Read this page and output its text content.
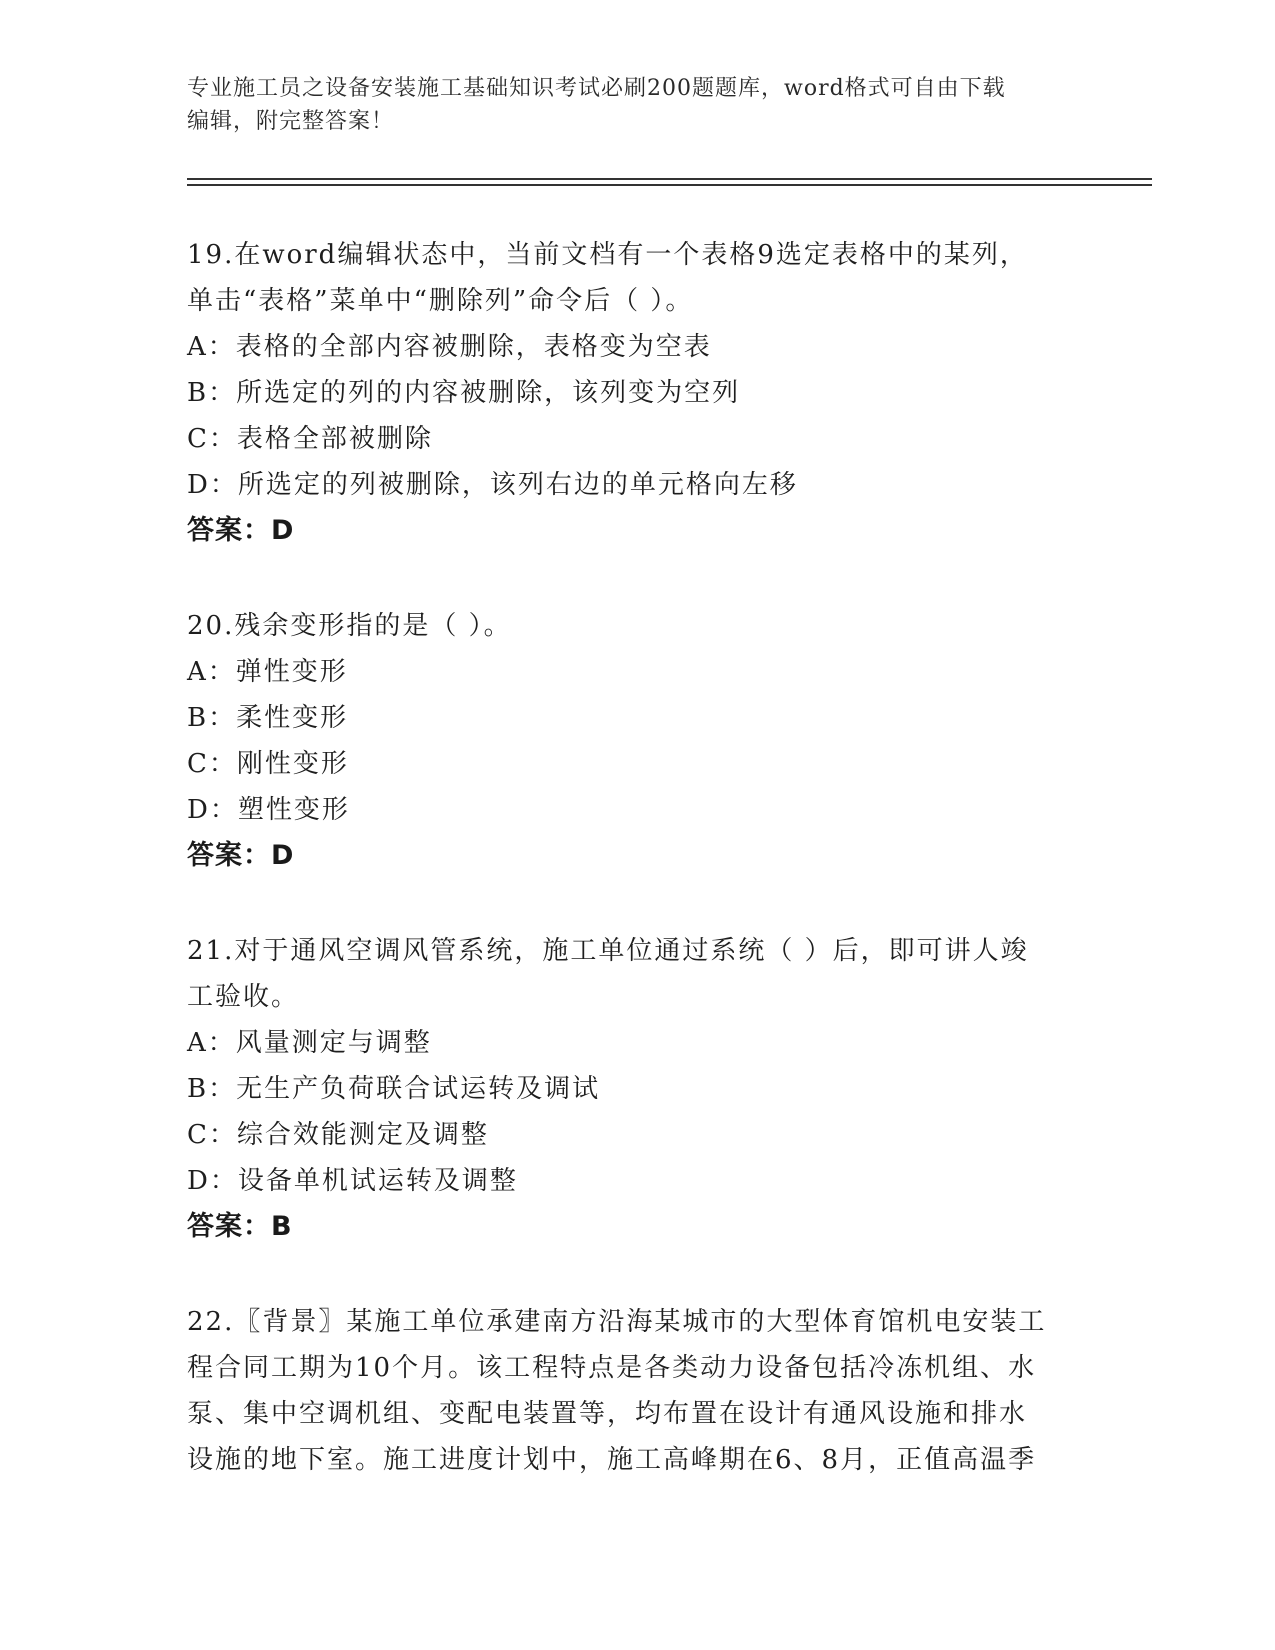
专业施工员之设备安装施工基础知识考试必刷200题题库，word格式可自由下载
编辑，附完整答案！
19.在word编辑状态中，当前文档有一个表格9选定表格中的某列，
单击“表格”菜单中“删除列”命令后（ ）。
A：表格的全部内容被删除，表格变为空表
B：所选定的列的内容被删除，该列变为空列
C：表格全部被删除
D：所选定的列被删除，该列右边的单元格向左移
答案：D
20.残余变形指的是（ ）。
A：弹性变形
B：柔性变形
C：刚性变形
D：塑性变形
答案：D
21.对于通风空调风管系统，施工单位通过系统（ ）后，即可讲人竣
工验收。
A：风量测定与调整
B：无生产负荷联合试运转及调试
C：综合效能测定及调整
D：设备单机试运转及调整
答案：B
22.〖背景〗某施工单位承建南方沿海某城市的大型体育馆机电安装工
程合同工期为10个月。该工程特点是各类动力设备包括冷冻机组、水
泵、集中空调机组、变配电装置等，均布置在设计有通风设施和排水
设施的地下室。施工进度计划中，施工高峰期在6、8月，正值高温季
